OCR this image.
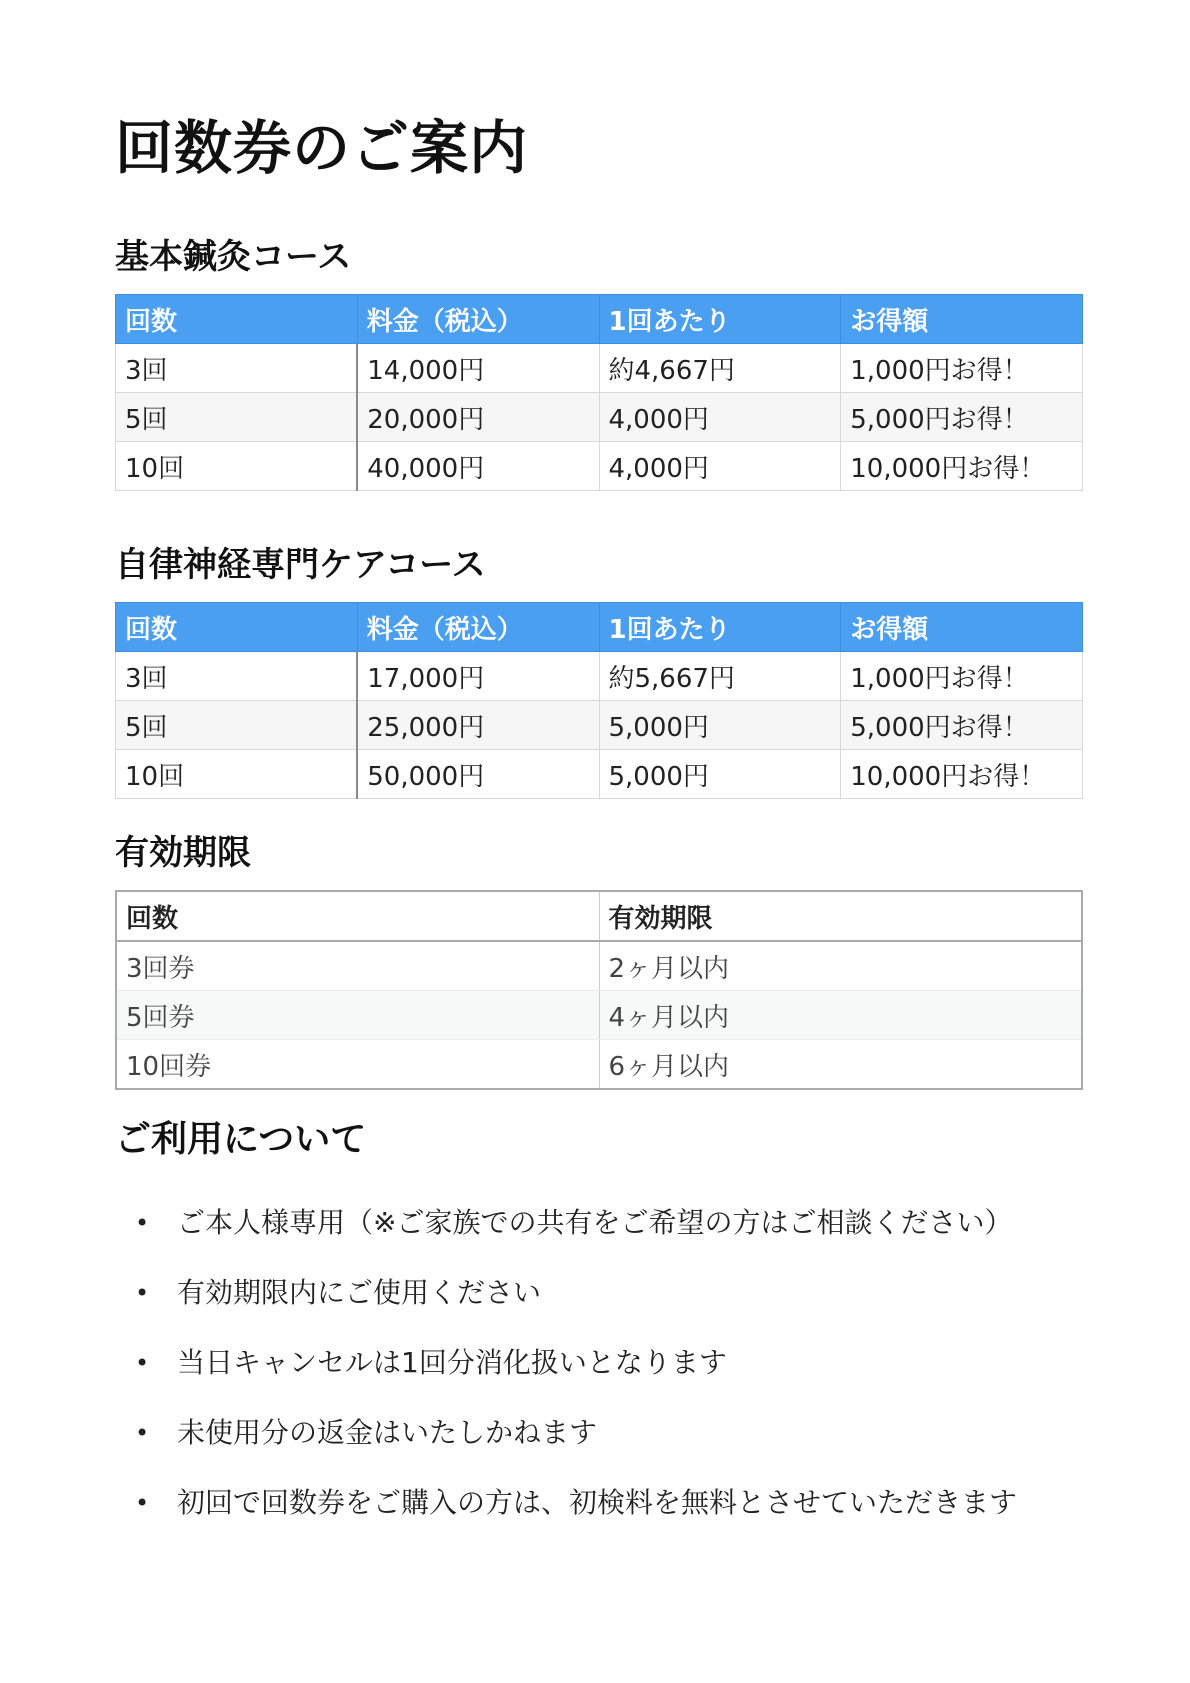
回数券のご案内
基本鍼灸コース
回数	料金（税込）	1回あたり	お得額
3回	14,000円	約4,667円	1,000円お得！
5回	20,000円	4,000円	5,000円お得！
10回	40,000円	4,000円	10,000円お得！
自律神経専門ケアコース
回数	料金（税込）	1回あたり	お得額
3回	17,000円	約5,667円	1,000円お得！
5回	25,000円	5,000円	5,000円お得！
10回	50,000円	5,000円	10,000円お得！
有効期限
回数	有効期限
3回券	2ヶ月以内
5回券	4ヶ月以内
10回券	6ヶ月以内
ご利用について
• ご本人様専用（※ご家族での共有をご希望の方はご相談ください）
• 有効期限内にご使用ください
• 当日キャンセルは1回分消化扱いとなります
• 未使用分の返金はいたしかねます
• 初回で回数券をご購入の方は、初検料を無料とさせていただきます
